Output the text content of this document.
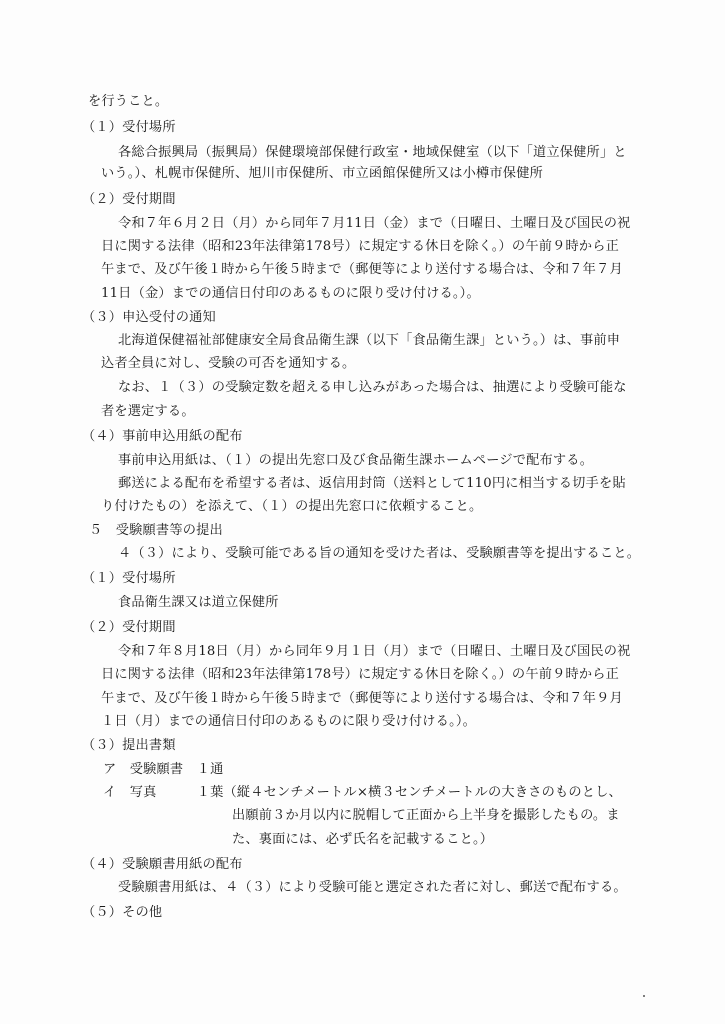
を行うこと。
（１）受付場所
各総合振興局（振興局）保健環境部保健行政室・地域保健室（以下「道立保健所」と
いう。）、札幌市保健所、旭川市保健所、市立函館保健所又は小樽市保健所
（２）受付期間
令和７年６月２日（月）から同年７月11日（金）まで（日曜日、土曜日及び国民の祝
日に関する法律（昭和23年法律第178号）に規定する休日を除く。）の午前９時から正
午まで、及び午後１時から午後５時まで（郵便等により送付する場合は、令和７年７月
11日（金）までの通信日付印のあるものに限り受け付ける。）。
（３）申込受付の通知
北海道保健福祉部健康安全局食品衛生課（以下「食品衛生課」という。）は、事前申
込者全員に対し、受験の可否を通知する。
なお、１（３）の受験定数を超える申し込みがあった場合は、抽選により受験可能な
者を選定する。
（４）事前申込用紙の配布
事前申込用紙は、（１）の提出先窓口及び食品衛生課ホームページで配布する。
郵送による配布を希望する者は、返信用封筒（送料として110円に相当する切手を貼
り付けたもの）を添えて、（１）の提出先窓口に依頼すること。
５　受験願書等の提出
４（３）により、受験可能である旨の通知を受けた者は、受験願書等を提出すること。
（１）受付場所
食品衛生課又は道立保健所
（２）受付期間
令和７年８月18日（月）から同年９月１日（月）まで（日曜日、土曜日及び国民の祝
日に関する法律（昭和23年法律第178号）に規定する休日を除く。）の午前９時から正
午まで、及び午後１時から午後５時まで（郵便等により送付する場合は、令和７年９月
１日（月）までの通信日付印のあるものに限り受け付ける。）。
（３）提出書類
ア　受験願書　１通
イ　写真　　　１葉（縦４センチメートル×横３センチメートルの大きさのものとし、
出願前３か月以内に脱帽して正面から上半身を撮影したもの。ま
た、裏面には、必ず氏名を記載すること。）
（４）受験願書用紙の配布
受験願書用紙は、４（３）により受験可能と選定された者に対し、郵送で配布する。
（５）その他
